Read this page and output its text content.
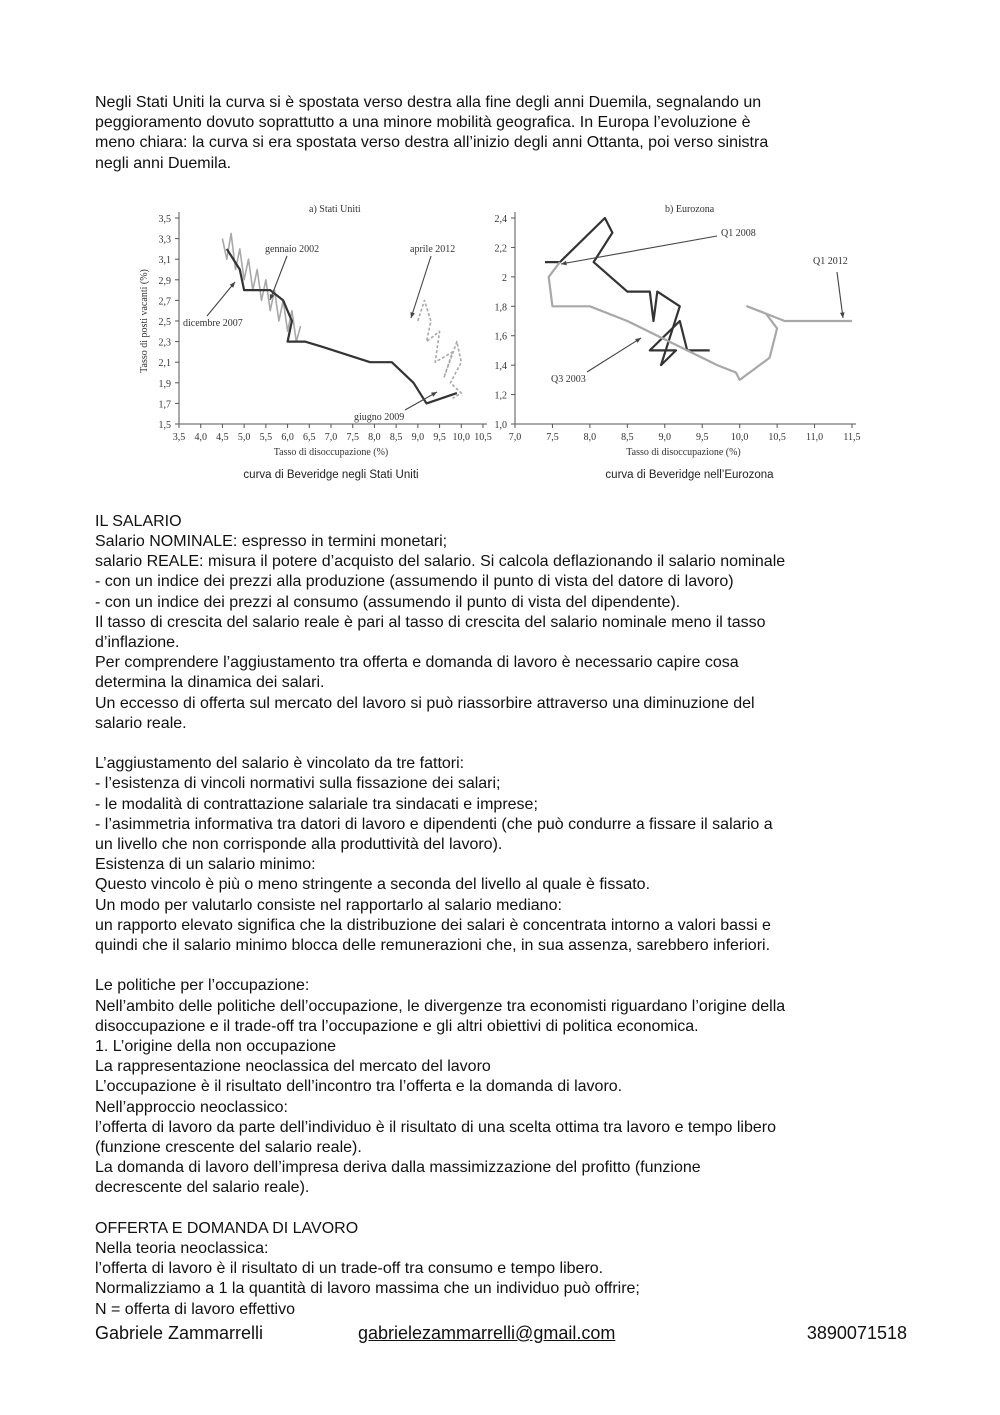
Negli Stati Uniti la curva si è spostata verso destra alla fine degli anni Duemila, segnalando un
peggioramento dovuto soprattutto a una minore mobilità geografica. In Europa l’evoluzione è
meno chiara: la curva si era spostata verso destra all’inizio degli anni Ottanta, poi verso sinistra
negli anni Duemila.
3,5 4,0 4,5 5,0 5,5 6,0 6,5 7,0 7,5 8,0 8,5 9,0 9,5 10,0 10,5
1,5
1,7
1,9
2,1
2,3
2,5
2,7
2,9
3,1
3,3
3,5
a) Stati Uniti
Tasso di disoccupazione (%)
Tasso di posti vacanti (%)
curva di Beveridge negli Stati Uniti
7,0 7,5 8,0 8,5 9,0 9,5 10,0 10,5 11,0 11,5
1,0
1,2
1,4
1,6
1,8
2
2,2
2,4
b) Eurozona
Tasso di disoccupazione (%)
curva di Beveridge nell’Eurozona
gennaio 2002	aprile 2012
dicembre 2007
giugno 2009
Q1 2008
Q1 2012
Q3 2003
IL SALARIO
Salario NOMINALE: espresso in termini monetari;
salario REALE: misura il potere d’acquisto del salario. Si calcola deflazionando il salario nominale
- con un indice dei prezzi alla produzione (assumendo il punto di vista del datore di lavoro)
- con un indice dei prezzi al consumo (assumendo il punto di vista del dipendente).
Il tasso di crescita del salario reale è pari al tasso di crescita del salario nominale meno il tasso
d’inflazione.
Per comprendere l’aggiustamento tra offerta e domanda di lavoro è necessario capire cosa
determina la dinamica dei salari.
Un eccesso di offerta sul mercato del lavoro si può riassorbire attraverso una diminuzione del
salario reale.
L’aggiustamento del salario è vincolato da tre fattori:
- l’esistenza di vincoli normativi sulla fissazione dei salari;
- le modalità di contrattazione salariale tra sindacati e imprese;
- l’asimmetria informativa tra datori di lavoro e dipendenti (che può condurre a fissare il salario a
un livello che non corrisponde alla produttività del lavoro).
Esistenza di un salario minimo:
Questo vincolo è più o meno stringente a seconda del livello al quale è fissato.
Un modo per valutarlo consiste nel rapportarlo al salario mediano:
un rapporto elevato significa che la distribuzione dei salari è concentrata intorno a valori bassi e
quindi che il salario minimo blocca delle remunerazioni che, in sua assenza, sarebbero inferiori.
Le politiche per l’occupazione:
Nell’ambito delle politiche dell’occupazione, le divergenze tra economisti riguardano l’origine della
disoccupazione e il trade-off tra l’occupazione e gli altri obiettivi di politica economica.
1. L’origine della non occupazione
La rappresentazione neoclassica del mercato del lavoro
L’occupazione è il risultato dell’incontro tra l’offerta e la domanda di lavoro.
Nell’approccio neoclassico:
l’offerta di lavoro da parte dell’individuo è il risultato di una scelta ottima tra lavoro e tempo libero
(funzione crescente del salario reale).
La domanda di lavoro dell’impresa deriva dalla massimizzazione del profitto (funzione
decrescente del salario reale).
OFFERTA E DOMANDA DI LAVORO
Nella teoria neoclassica:
l’offerta di lavoro è il risultato di un trade-off tra consumo e tempo libero.
Normalizziamo a 1 la quantità di lavoro massima che un individuo può offrire;
N = offerta di lavoro effettivo
Gabriele Zammarrelli	gabrielezammarrelli@gmail.com	3890071518
